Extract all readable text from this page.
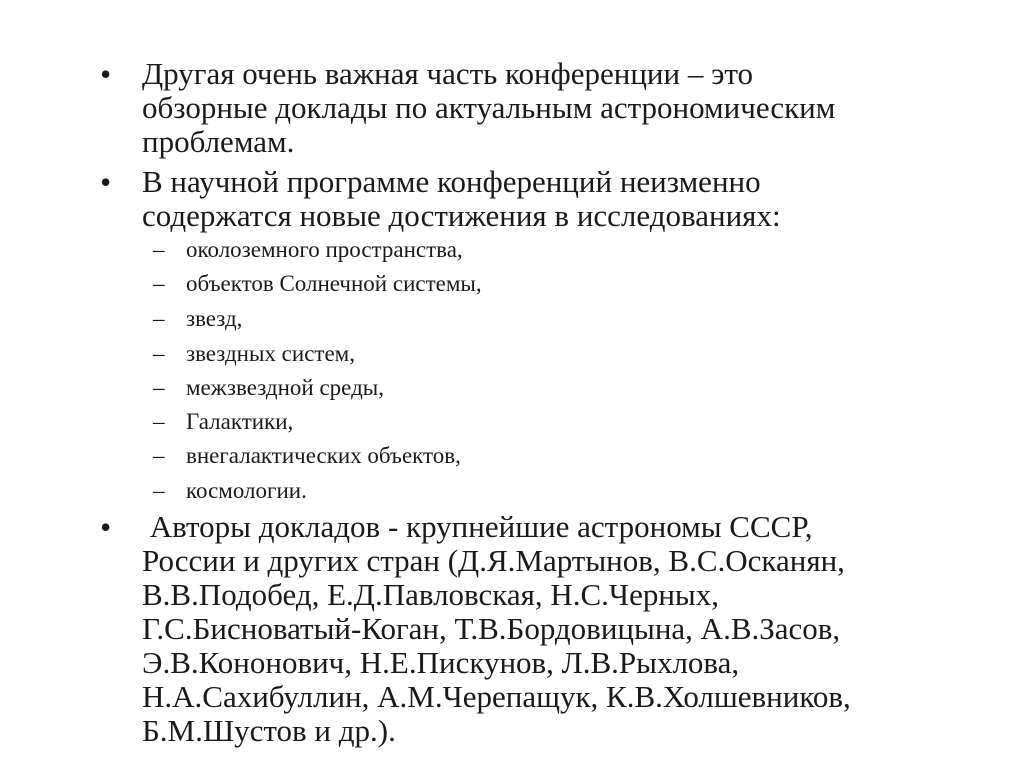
• Другая очень важная часть конференции – это
обзорные доклады по актуальным астрономическим
проблемам.
• В научной программе конференций неизменно
содержатся новые достижения в исследованиях:
– околоземного пространства,
– объектов Солнечной системы,
– звезд,
– звездных систем,
– межзвездной среды,
– Галактики,
– внегалактических объектов,
– космологии.
• Авторы докладов - крупнейшие астрономы СССР,
России и других стран (Д.Я.Мартынов, В.С.Осканян,
В.В.Подобед, Е.Д.Павловская, Н.С.Черных,
Г.С.Бисноватый-Коган, Т.В.Бордовицына, А.В.Засов,
Э.В.Кононович, Н.Е.Пискунов, Л.В.Рыхлова,
Н.А.Сахибуллин, А.М.Черепащук, К.В.Холшевников,
Б.М.Шустов и др.).
